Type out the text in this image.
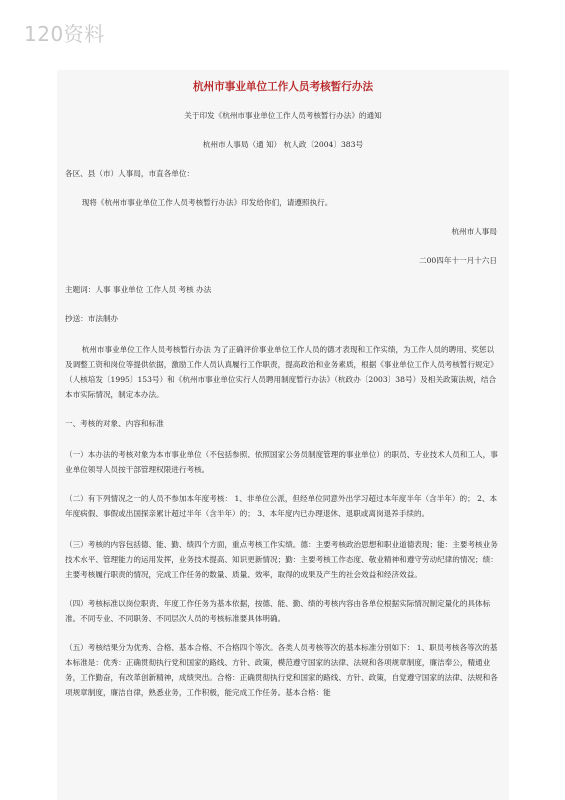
120资料
杭州市事业单位工作人员考核暂行办法
关于印发《杭州市事业单位工作人员考核暂行办法》的通知
杭州市人事局（通 知） 杭人政〔2004〕383号
各区、县（市）人事局，市直各单位：
现将《杭州市事业单位工作人员考核暂行办法》印发给你们，请遵照执行。
杭州市人事局
二00四年十一月十六日
主题词：人事 事业单位 工作人员 考核 办法
抄送：市法制办
杭州市事业单位工作人员考核暂行办法 为了正确评价事业单位工作人员的德才表现和工作实绩，为工作人员的聘用、奖惩以及调整工资和岗位等提供依据，激励工作人员认真履行工作职责，提高政治和业务素质，根据《事业单位工作人员考核暂行规定》（人核培发〔1995〕153号）和《杭州市事业单位实行人员聘用制度暂行办法》（杭政办〔2003〕38号）及相关政策法规，结合本市实际情况，制定本办法。
一、考核的对象、内容和标准
（一）本办法的考核对象为本市事业单位（不包括参照、依照国家公务员制度管理的事业单位）的职员、专业技术人员和工人，事业单位领导人员按干部管理权限进行考核。
（二）有下列情况之一的人员不参加本年度考核： 1、非单位公派，但经单位同意外出学习超过本年度半年（含半年）的； 2、本年度病假、事假或出国探亲累计超过半年（含半年）的； 3、本年度内已办理退休、退职或离岗退养手续的。
（三）考核的内容包括德、能、勤、绩四个方面，重点考核工作实绩。德：主要考核政治思想和职业道德表现；能：主要考核业务技术水平、管理能力的运用发挥，业务技术提高、知识更新情况；勤：主要考核工作态度、敬业精神和遵守劳动纪律的情况；绩：主要考核履行职责的情况，完成工作任务的数量、质量、效率，取得的成果及产生的社会效益和经济效益。
（四）考核标准以岗位职责、年度工作任务为基本依据，按德、能、勤、绩的考核内容由各单位根据实际情况制定量化的具体标准。不同专业、不同职务、不同层次人员的考核标准要具体明确。
（五）考核结果分为优秀、合格、基本合格、不合格四个等次。各类人员考核等次的基本标准分别如下： 1、职员考核各等次的基本标准是：优秀：正确贯彻执行党和国家的路线、方针、政策，模范遵守国家的法律、法规和各项规章制度，廉洁奉公，精通业务，工作勤奋，有改革创新精神，成绩突出。合格：正确贯彻执行党和国家的路线、方针、政策，自觉遵守国家的法律、法规和各项规章制度，廉洁自律，熟悉业务，工作积极，能完成工作任务。基本合格：能
